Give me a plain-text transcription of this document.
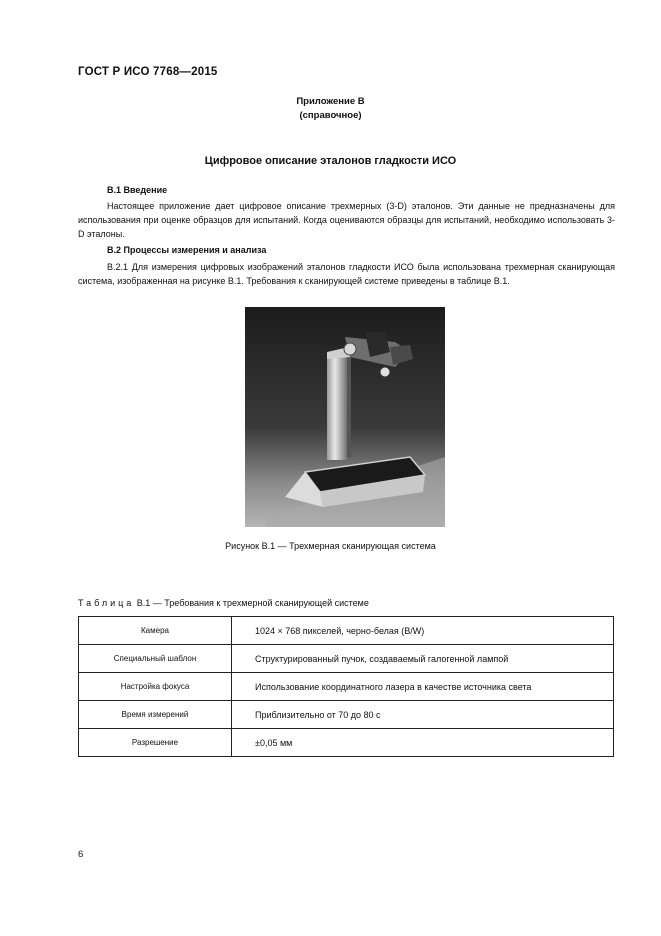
ГОСТ Р ИСО 7768—2015
Приложение В
(справочное)
Цифровое описание эталонов гладкости ИСО
В.1 Введение
Настоящее приложение дает цифровое описание трехмерных (3-D) эталонов. Эти данные не предназначены для использования при оценке образцов для испытаний. Когда оцениваются образцы для испытаний, необходимо использовать 3-D эталоны.
В.2 Процессы измерения и анализа
В.2.1 Для измерения цифровых изображений эталонов гладкости ИСО была использована трехмерная сканирующая система, изображенная на рисунке В.1. Требования к сканирующей системе приведены в таблице В.1.
Рисунок В.1 — Трехмерная сканирующая система
Таблица В.1 — Требования к трехмерной сканирующей системе
Камера	1024 × 768 пикселей, черно-белая (B/W)
Специальный шаблон	Структурированный пучок, создаваемый галогенной лампой
Настройка фокуса	Использование координатного лазера в качестве источника света
Время измерений	Приблизительно от 70 до 80 с
Разрешение	±0,05 мм
6
